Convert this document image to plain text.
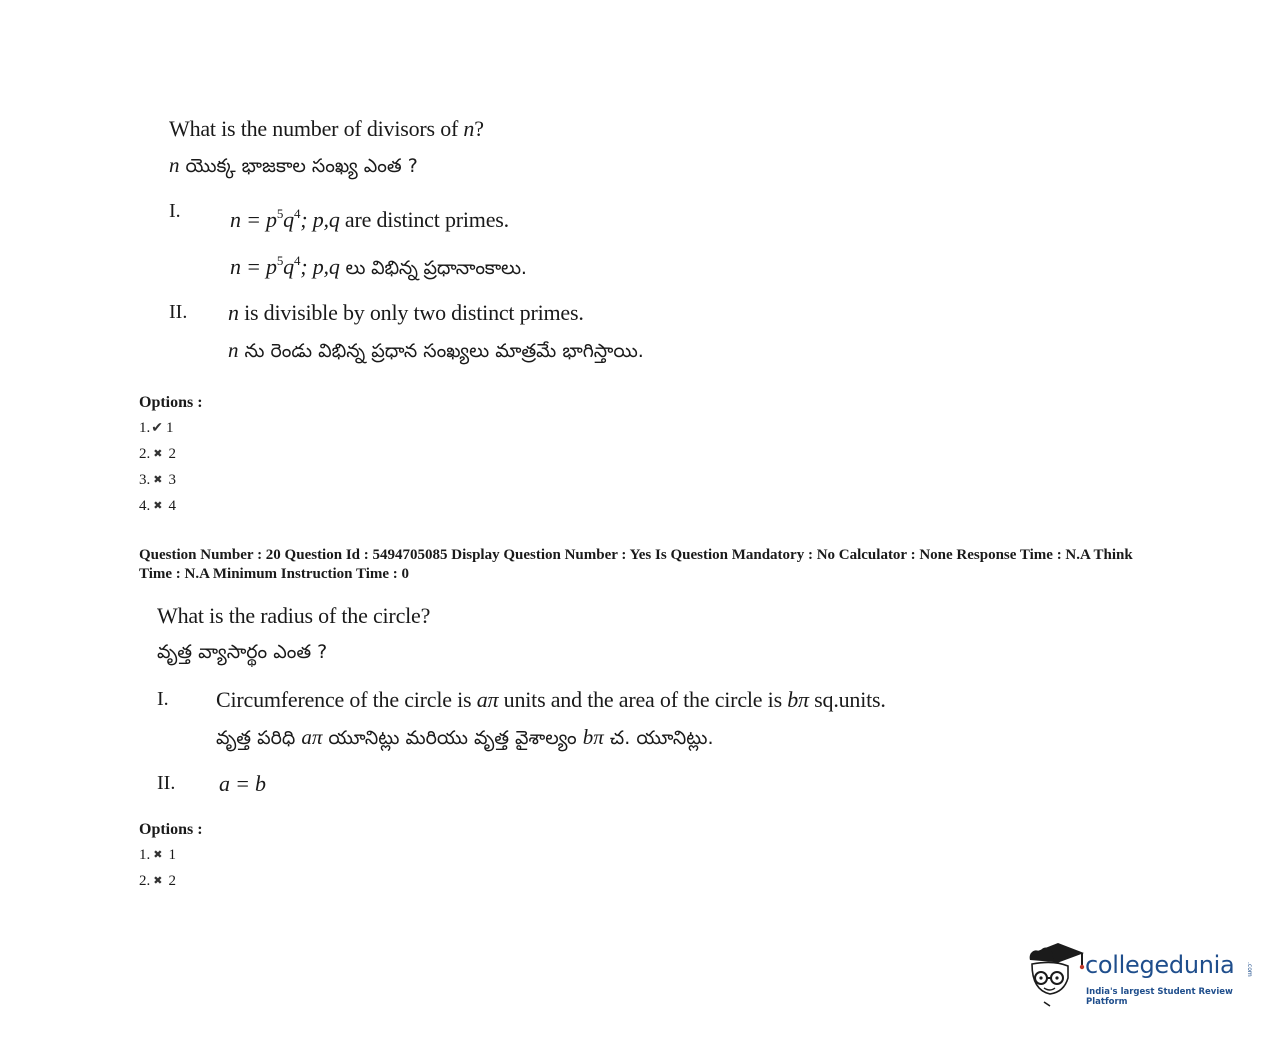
What is the number of divisors of n?
n యొక్క భాజకాల సంఖ్య ఎంత ?
I. $n = p^5q^4$; p,q are distinct primes.
$n = p^5q^4$; p,q లు విభిన్న ప్రధానాంకాలు.
II. n is divisible by only two distinct primes.
n ను రెండు విభిన్న ప్రధాన సంఖ్యలు మాత్రమే భాగిస్తాయి.
Options :
1.✔ 1
2. ✖ 2
3. ✖ 3
4. ✖ 4
Question Number : 20 Question Id : 5494705085 Display Question Number : Yes Is Question Mandatory : No Calculator : None Response Time : N.A Think Time : N.A Minimum Instruction Time : 0
What is the radius of the circle?
వృత్త వ్యాసార్థం ఎంత ?
I. Circumference of the circle is aπ units and the area of the circle is bπ sq.units.
వృత్త పరిధి aπ యూనిట్లు మరియు వృత్త వైశాల్యం bπ చ. యూనిట్లు.
II. a = b
Options :
1. ✖ 1
2. ✖ 2
collegedunia .com
India's largest Student Review Platform
